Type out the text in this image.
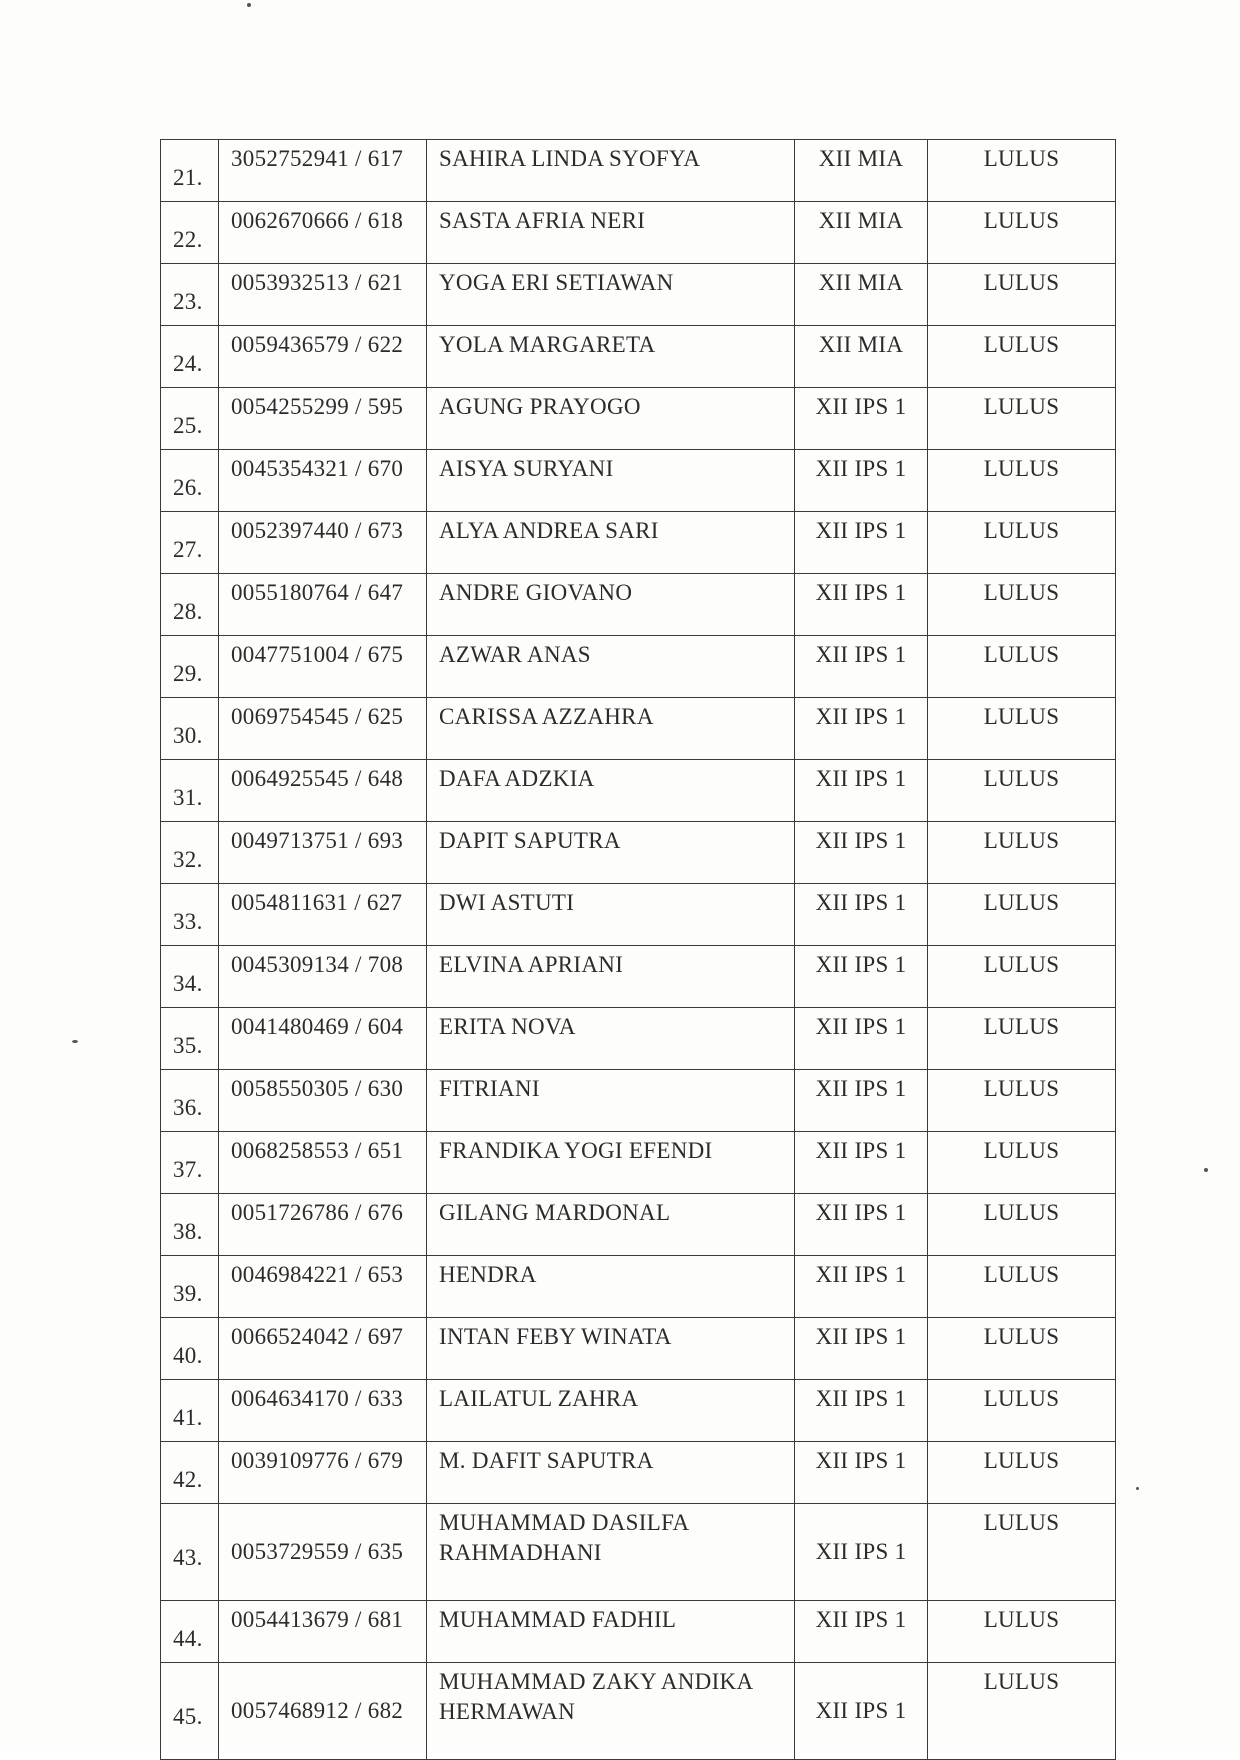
21.	3052752941 / 617	SAHIRA LINDA SYOFYA	XII MIA	LULUS
22.	0062670666 / 618	SASTA AFRIA NERI	XII MIA	LULUS
23.	0053932513 / 621	YOGA ERI SETIAWAN	XII MIA	LULUS
24.	0059436579 / 622	YOLA MARGARETA	XII MIA	LULUS
25.	0054255299 / 595	AGUNG PRAYOGO	XII IPS 1	LULUS
26.	0045354321 / 670	AISYA SURYANI	XII IPS 1	LULUS
27.	0052397440 / 673	ALYA ANDREA SARI	XII IPS 1	LULUS
28.	0055180764 / 647	ANDRE GIOVANO	XII IPS 1	LULUS
29.	0047751004 / 675	AZWAR ANAS	XII IPS 1	LULUS
30.	0069754545 / 625	CARISSA AZZAHRA	XII IPS 1	LULUS
31.	0064925545 / 648	DAFA ADZKIA	XII IPS 1	LULUS
32.	0049713751 / 693	DAPIT SAPUTRA	XII IPS 1	LULUS
33.	0054811631 / 627	DWI ASTUTI	XII IPS 1	LULUS
34.	0045309134 / 708	ELVINA APRIANI	XII IPS 1	LULUS
35.	0041480469 / 604	ERITA NOVA	XII IPS 1	LULUS
36.	0058550305 / 630	FITRIANI	XII IPS 1	LULUS
37.	0068258553 / 651	FRANDIKA YOGI EFENDI	XII IPS 1	LULUS
38.	0051726786 / 676	GILANG MARDONAL	XII IPS 1	LULUS
39.	0046984221 / 653	HENDRA	XII IPS 1	LULUS
40.	0066524042 / 697	INTAN FEBY WINATA	XII IPS 1	LULUS
41.	0064634170 / 633	LAILATUL ZAHRA	XII IPS 1	LULUS
42.	0039109776 / 679	M. DAFIT SAPUTRA	XII IPS 1	LULUS
43.	0053729559 / 635	MUHAMMAD DASILFA RAHMADHANI	XII IPS 1	LULUS
44.	0054413679 / 681	MUHAMMAD FADHIL	XII IPS 1	LULUS
45.	0057468912 / 682	MUHAMMAD ZAKY ANDIKA HERMAWAN	XII IPS 1	LULUS
